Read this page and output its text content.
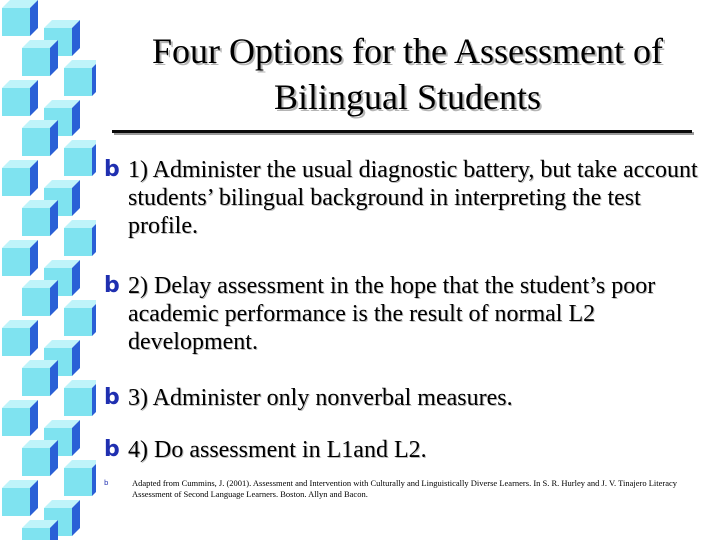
Four Options for the Assessment of Bilingual Students
b 1) Administer the usual diagnostic battery, but take account students’ bilingual background in interpreting the test profile.
b 2) Delay assessment in the hope that the student’s poor academic performance is the result of normal L2 development.
b 3) Administer only nonverbal measures.
b 4) Do assessment in L1and L2.
b	Adapted from Cummins, J. (2001). Assessment and Intervention with Culturally and Linguistically Diverse Learners. In S. R. Hurley and J. V. Tinajero Literacy Assessment of Second Language Learners. Boston. Allyn and Bacon.
